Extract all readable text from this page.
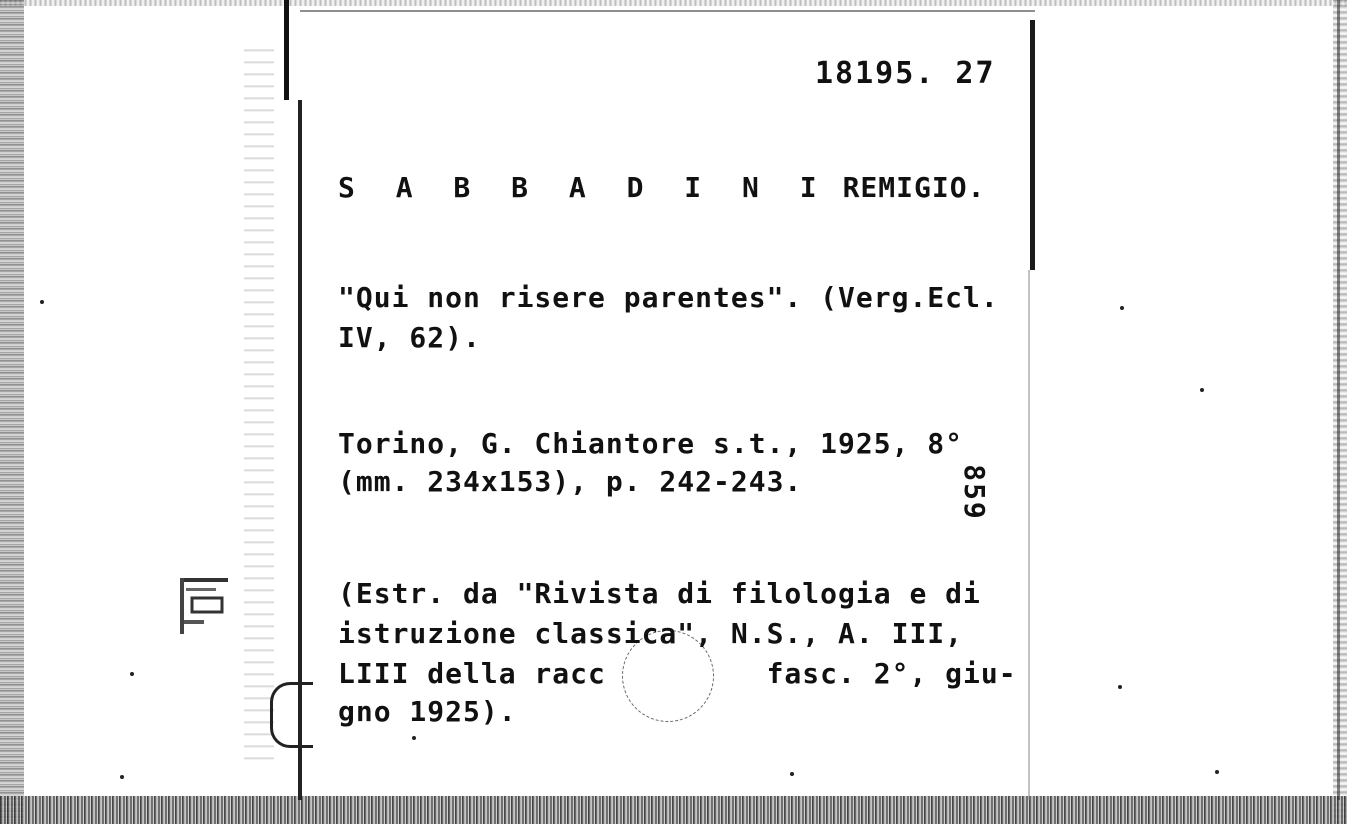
18195. 27
S A B B A D I N I REMIGIO.
"Qui non risere parentes". (Verg.Ecl.
IV, 62).
Torino, G. Chiantore s.t., 1925, 8°
(mm. 234x153), p. 242-243.
(Estr. da "Rivista di filologia e di
istruzione classica", N.S., A. III,
LIII della racc         fasc. 2°, giu-
gno 1925).
859
